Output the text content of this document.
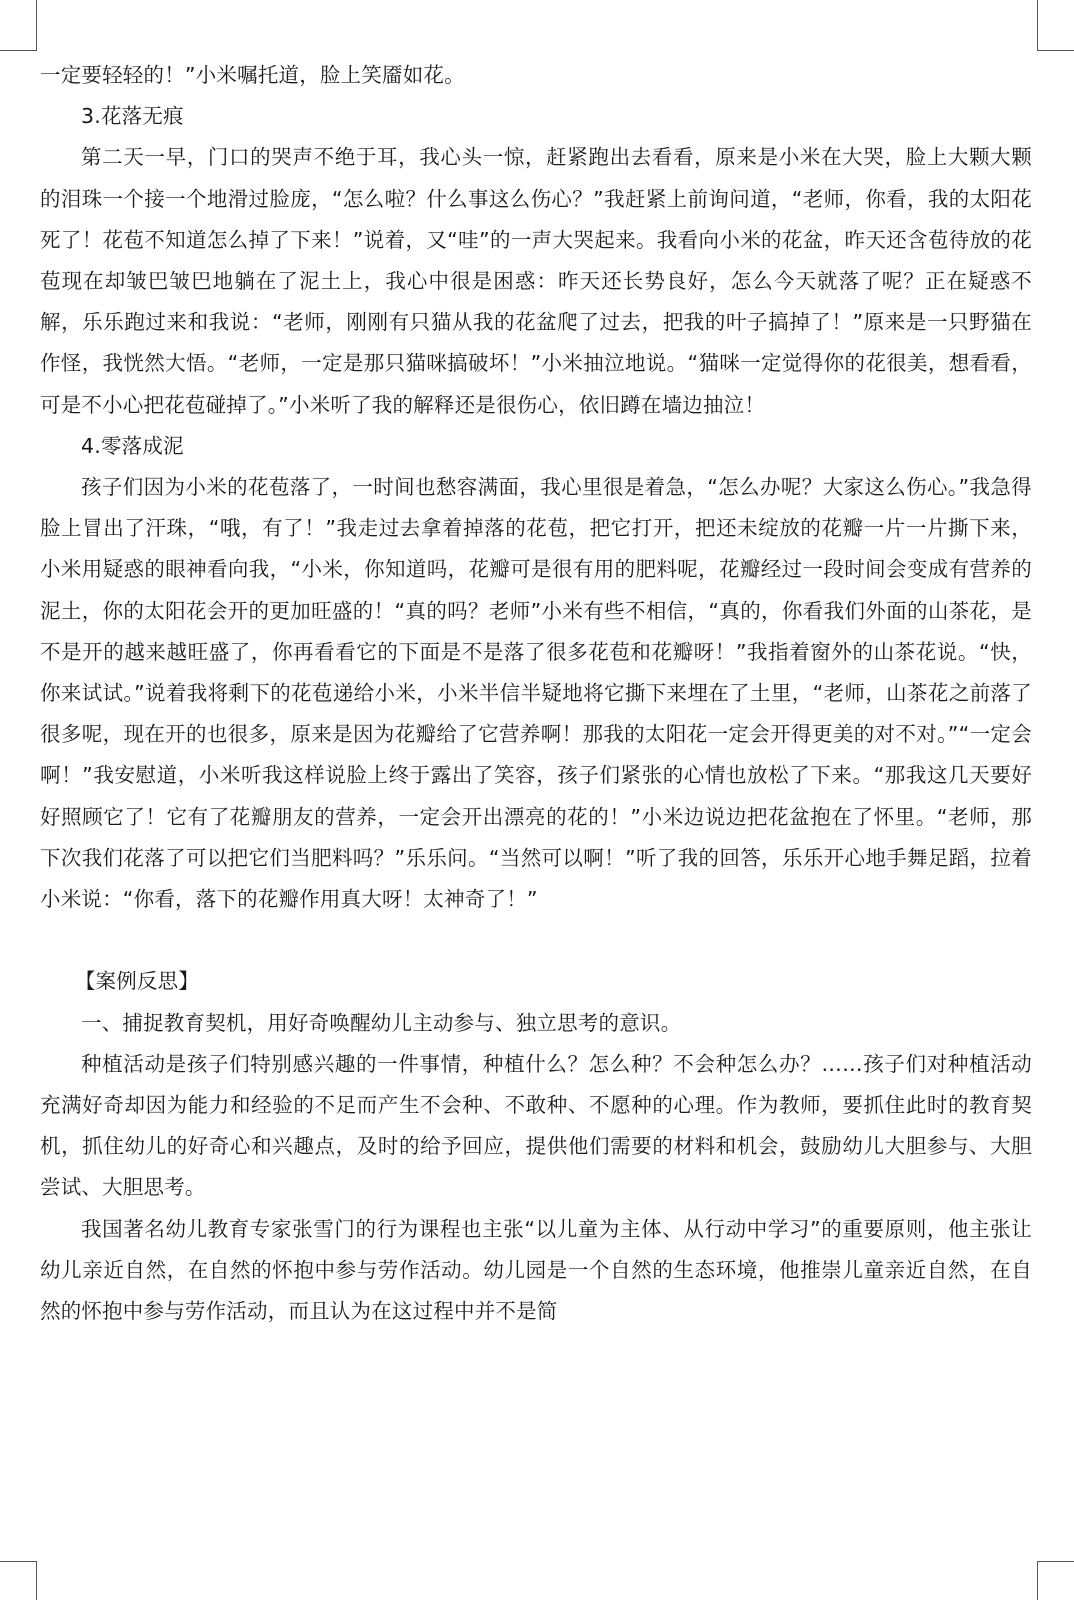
一定要轻轻的！”小米嘱托道，脸上笑靥如花。

3.花落无痕

第二天一早，门口的哭声不绝于耳，我心头一惊，赶紧跑出去看看，原来是小米在大哭，脸上大颗大颗的泪珠一个接一个地滑过脸庞，“怎么啦？什么事这么伤心？”我赶紧上前询问道，“老师，你看，我的太阳花死了！花苞不知道怎么掉了下来！”说着，又“哇”的一声大哭起来。我看向小米的花盆，昨天还含苞待放的花苞现在却皱巴皱巴地躺在了泥土上，我心中很是困惑：昨天还长势良好，怎么今天就落了呢？正在疑惑不解，乐乐跑过来和我说：“老师，刚刚有只猫从我的花盆爬了过去，把我的叶子搞掉了！”原来是一只野猫在作怪，我恍然大悟。“老师，一定是那只猫咪搞破坏！”小米抽泣地说。“猫咪一定觉得你的花很美，想看看，可是不小心把花苞碰掉了。”小米听了我的解释还是很伤心，依旧蹲在墙边抽泣！

4.零落成泥

孩子们因为小米的花苞落了，一时间也愁容满面，我心里很是着急，“怎么办呢？大家这么伤心。”我急得脸上冒出了汗珠，“哦，有了！”我走过去拿着掉落的花苞，把它打开，把还未绽放的花瓣一片一片撕下来，小米用疑惑的眼神看向我，“小米，你知道吗，花瓣可是很有用的肥料呢，花瓣经过一段时间会变成有营养的泥土，你的太阳花会开的更加旺盛的！“真的吗？老师”小米有些不相信，“真的，你看我们外面的山茶花，是不是开的越来越旺盛了，你再看看它的下面是不是落了很多花苞和花瓣呀！”我指着窗外的山茶花说。“快，你来试试。”说着我将剩下的花苞递给小米，小米半信半疑地将它撕下来埋在了土里，“老师，山茶花之前落了很多呢，现在开的也很多，原来是因为花瓣给了它营养啊！那我的太阳花一定会开得更美的对不对。”“一定会啊！”我安慰道，小米听我这样说脸上终于露出了笑容，孩子们紧张的心情也放松了下来。“那我这几天要好好照顾它了！它有了花瓣朋友的营养，一定会开出漂亮的花的！”小米边说边把花盆抱在了怀里。“老师，那下次我们花落了可以把它们当肥料吗？”乐乐问。“当然可以啊！”听了我的回答，乐乐开心地手舞足蹈，拉着小米说：“你看，落下的花瓣作用真大呀！太神奇了！”

【案例反思】

一、捕捉教育契机，用好奇唤醒幼儿主动参与、独立思考的意识。

种植活动是孩子们特别感兴趣的一件事情，种植什么？怎么种？不会种怎么办？……孩子们对种植活动充满好奇却因为能力和经验的不足而产生不会种、不敢种、不愿种的心理。作为教师，要抓住此时的教育契机，抓住幼儿的好奇心和兴趣点，及时的给予回应，提供他们需要的材料和机会，鼓励幼儿大胆参与、大胆尝试、大胆思考。

我国著名幼儿教育专家张雪门的行为课程也主张“以儿童为主体、从行动中学习”的重要原则，他主张让幼儿亲近自然，在自然的怀抱中参与劳作活动。幼儿园是一个自然的生态环境，他推崇儿童亲近自然，在自然的怀抱中参与劳作活动，而且认为在这过程中并不是简
